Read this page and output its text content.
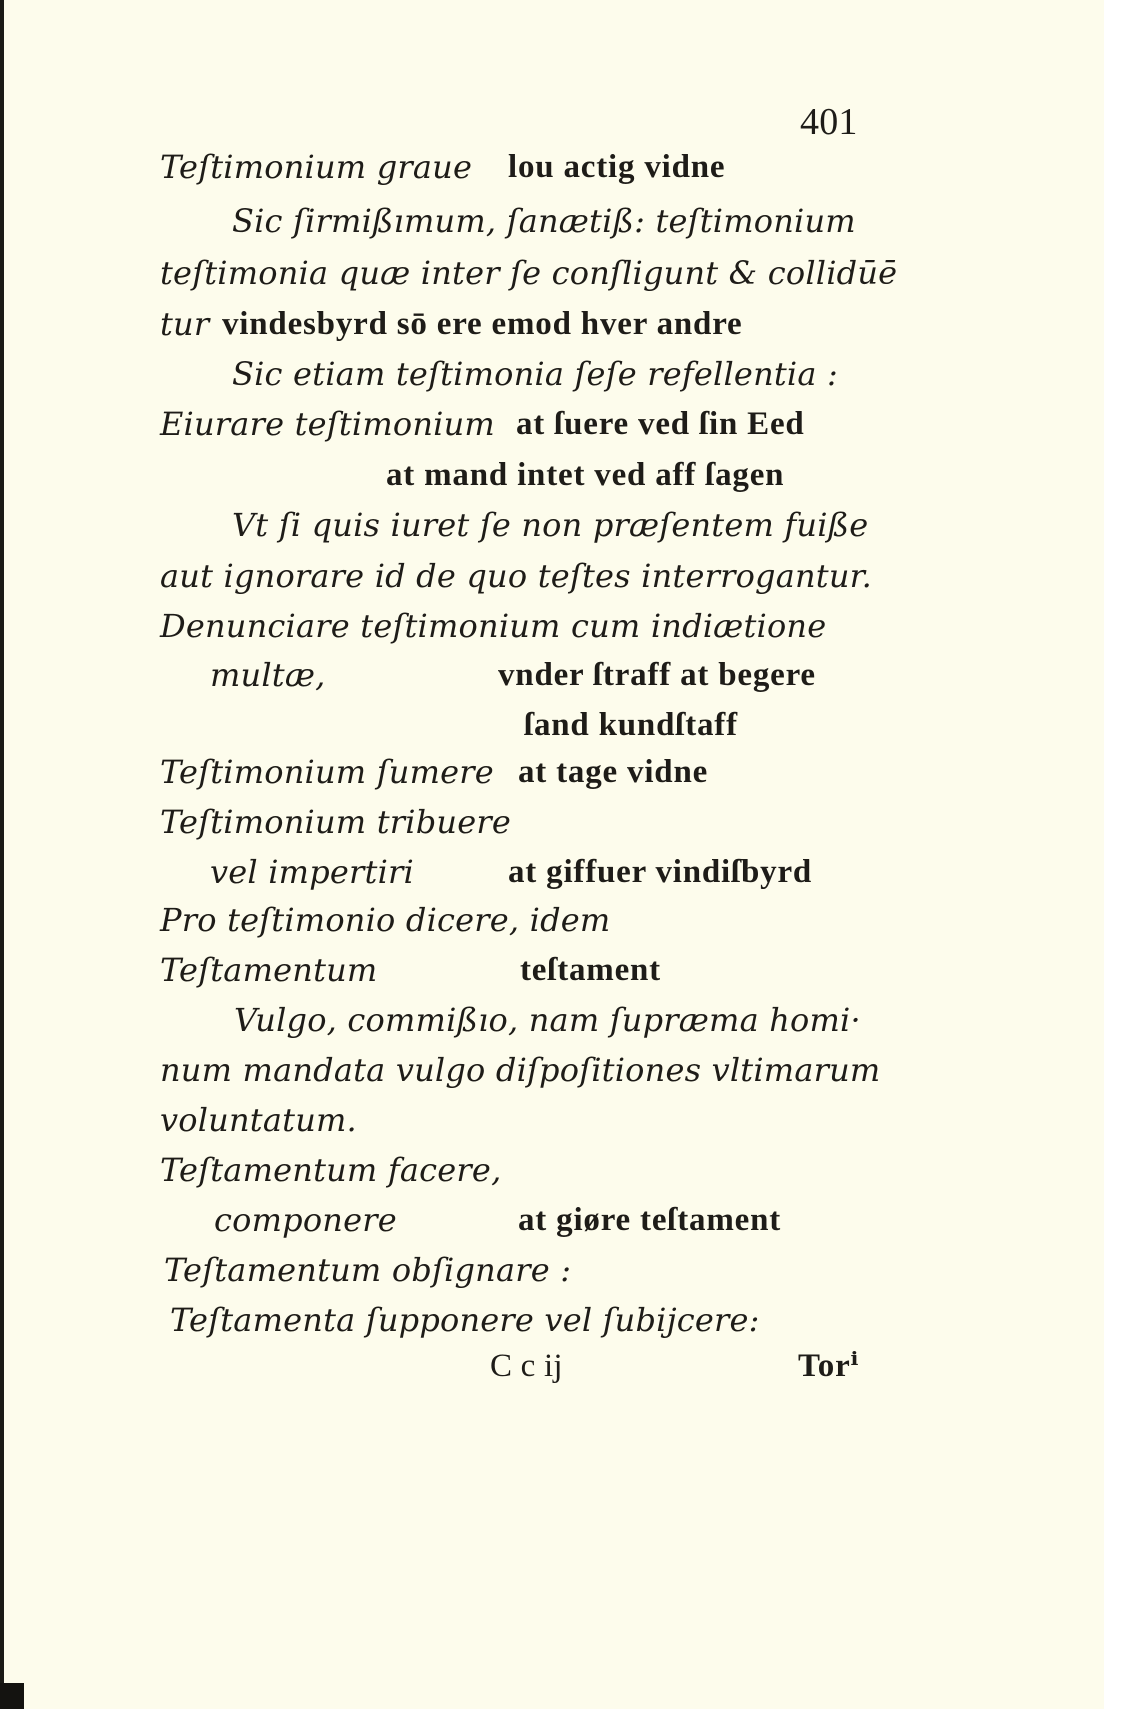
401
Teſtimonium graue lou actig vidne
Sic ſirmißımum, ſanætiß: teſtimonium
teſtimonia quæ inter ſe conſligunt & collidūē
tur vindesbyrd sō ere emod hver andre
Sic etiam teſtimonia ſeſe refellentia :
Eiurare teſtimonium at ſuere ved ſin Eed
at mand intet ved aff ſagen
Vt ſi quis iuret ſe non præſentem fuiße
aut ignorare id de quo teſtes interrogantur.
Denunciare teſtimonium cum indiætione
multæ,	vnder ſtraff at begere
ſand kundſtaff
Teſtimonium ſumere at tage vidne
Teſtimonium tribuere
vel impertiri	at giffuer vindiſbyrd
Pro teſtimonio dicere, idem
Teſtamentum	teſtament
Vulgo, commißıo, nam ſupræma homi·
num mandata vulgo diſpoſitiones vltimarum
voluntatum.
Teſtamentum facere,
componere	at giøre teſtament
Teſtamentum obſignare :
Teſtamenta ſupponere vel ſubijcere:
C c ij	Torⁱ
